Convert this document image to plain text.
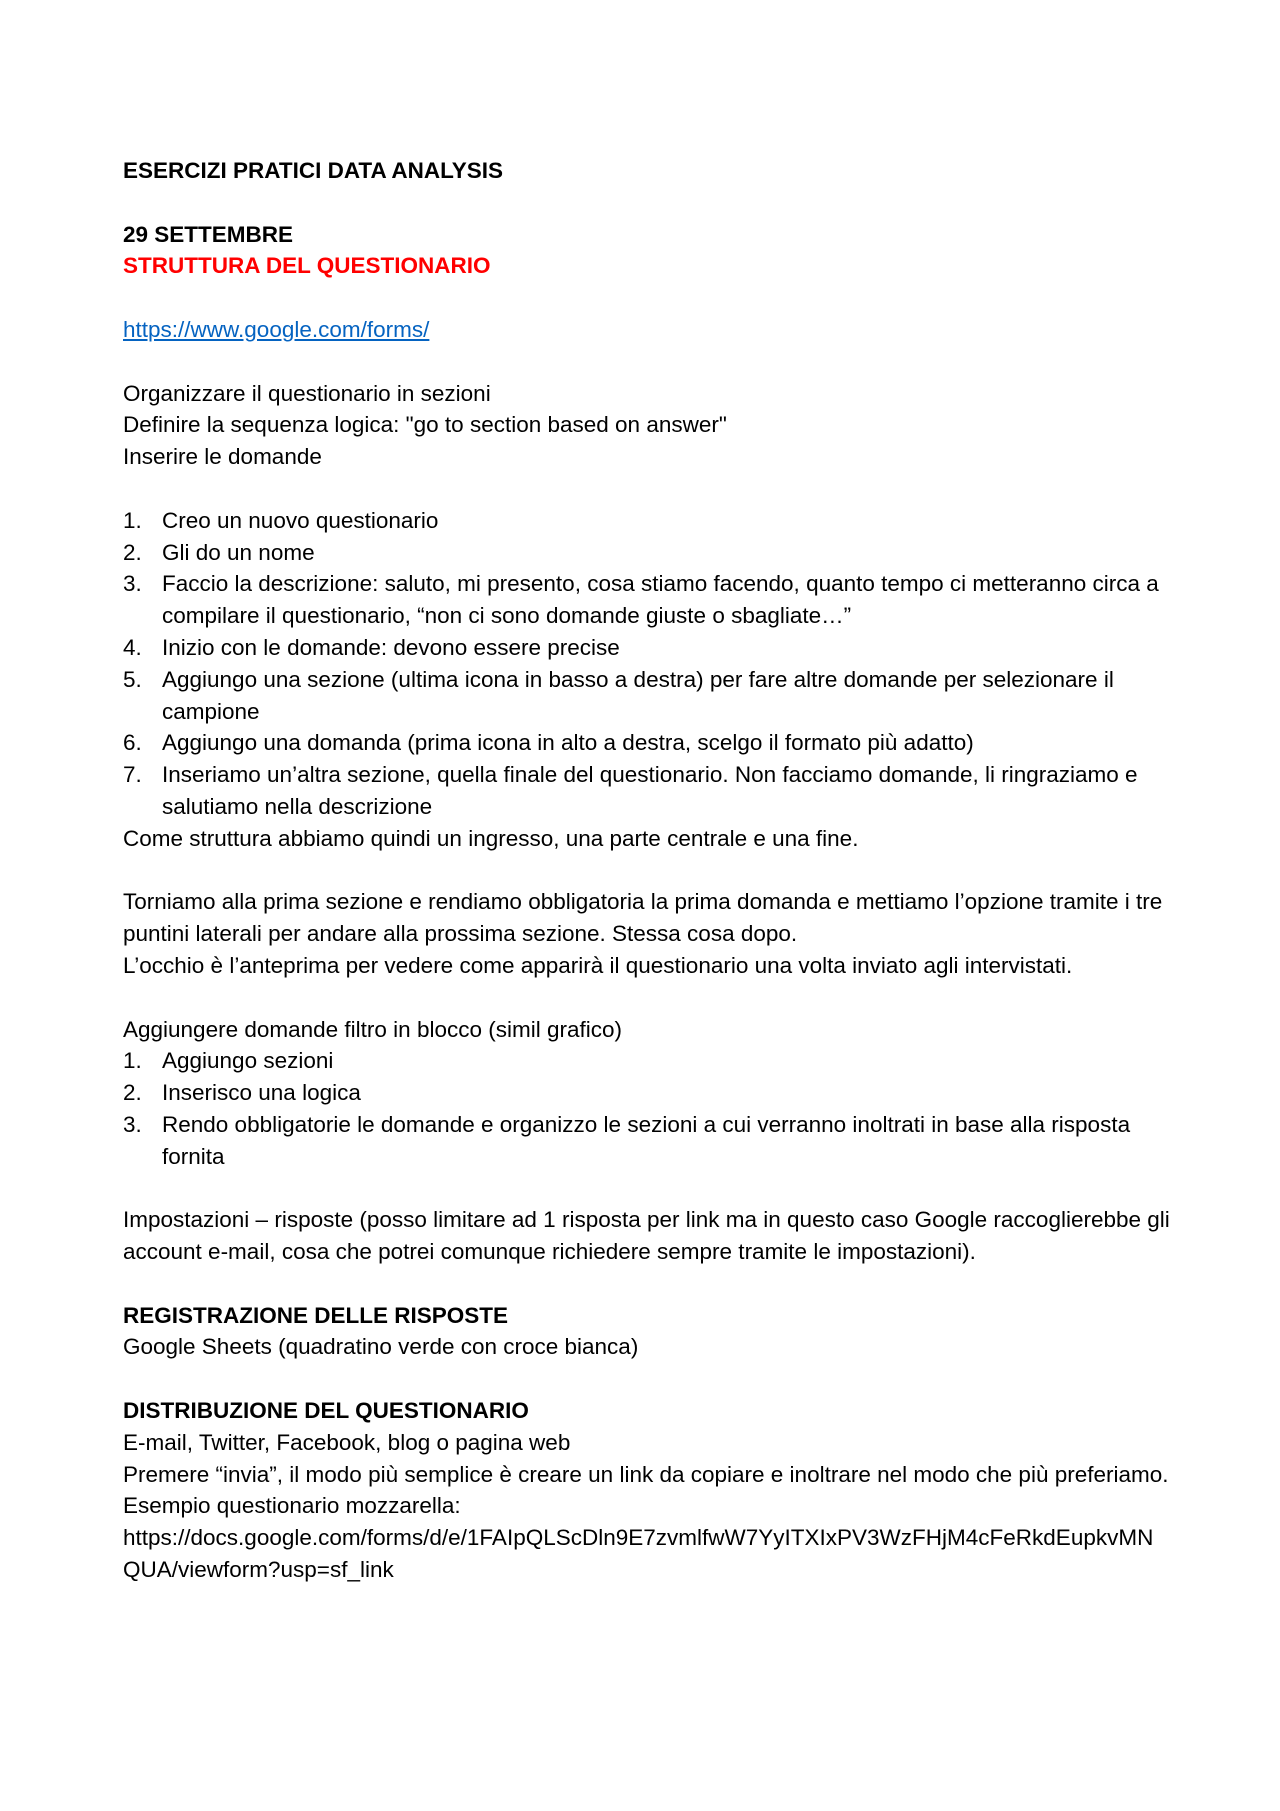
ESERCIZI PRATICI DATA ANALYSIS
29 SETTEMBRE
STRUTTURA DEL QUESTIONARIO
https://www.google.com/forms/
Organizzare il questionario in sezioni
Definire la sequenza logica: "go to section based on answer"
Inserire le domande
1. Creo un nuovo questionario
2. Gli do un nome
3. Faccio la descrizione: saluto, mi presento, cosa stiamo facendo, quanto tempo ci metteranno circa a compilare il questionario, “non ci sono domande giuste o sbagliate…”
4. Inizio con le domande: devono essere precise
5. Aggiungo una sezione (ultima icona in basso a destra) per fare altre domande per selezionare il campione
6. Aggiungo una domanda (prima icona in alto a destra, scelgo il formato più adatto)
7. Inseriamo un’altra sezione, quella finale del questionario. Non facciamo domande, li ringraziamo e salutiamo nella descrizione
Come struttura abbiamo quindi un ingresso, una parte centrale e una fine.
Torniamo alla prima sezione e rendiamo obbligatoria la prima domanda e mettiamo l’opzione tramite i tre puntini laterali per andare alla prossima sezione. Stessa cosa dopo.
L’occhio è l’anteprima per vedere come apparirà il questionario una volta inviato agli intervistati.
Aggiungere domande filtro in blocco (simil grafico)
1. Aggiungo sezioni
2. Inserisco una logica
3. Rendo obbligatorie le domande e organizzo le sezioni a cui verranno inoltrati in base alla risposta fornita
Impostazioni – risposte (posso limitare ad 1 risposta per link ma in questo caso Google raccoglierebbe gli account e-mail, cosa che potrei comunque richiedere sempre tramite le impostazioni).
REGISTRAZIONE DELLE RISPOSTE
Google Sheets (quadratino verde con croce bianca)
DISTRIBUZIONE DEL QUESTIONARIO
E-mail, Twitter, Facebook, blog o pagina web
Premere “invia”, il modo più semplice è creare un link da copiare e inoltrare nel modo che più preferiamo.
Esempio questionario mozzarella:
https://docs.google.com/forms/d/e/1FAIpQLScDln9E7zvmlfwW7YyITXIxPV3WzFHjM4cFeRkdEupkvMNQUA/viewform?usp=sf_link
